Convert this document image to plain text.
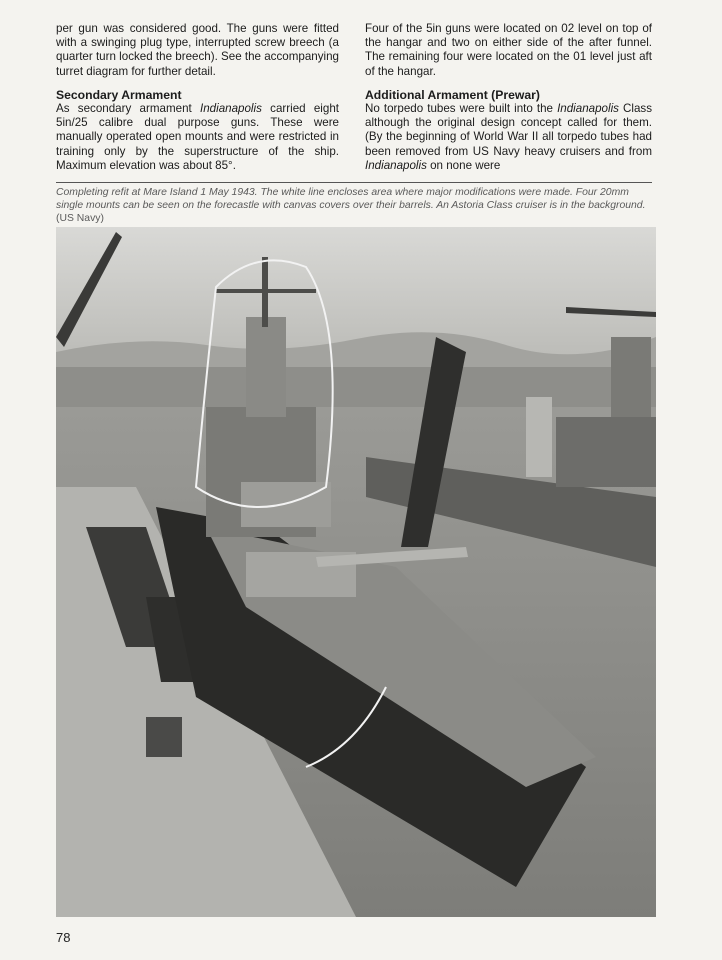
per gun was considered good. The guns were fitted with a swinging plug type, interrupted screw breech (a quarter turn locked the breech). See the accompanying turret diagram for further detail.

Secondary Armament

As secondary armament Indianapolis carried eight 5in/25 calibre dual purpose guns. These were manually operated open mounts and were restricted in training only by the superstructure of the ship. Maximum elevation was about 85°.

Four of the 5in guns were located on 02 level on top of the hangar and two on either side of the after funnel. The remaining four were located on the 01 level just aft of the hangar.

Additional Armament (Prewar)

No torpedo tubes were built into the Indianapolis Class although the original design concept called for them. (By the beginning of World War II all torpedo tubes had been removed from US Navy heavy cruisers and from Indianapolis on none were

Completing refit at Mare Island 1 May 1943. The white line encloses area where major modifications were made. Four 20mm single mounts can be seen on the forecastle with canvas covers over their barrels. An Astoria Class cruiser is in the background. (US Navy)
78
